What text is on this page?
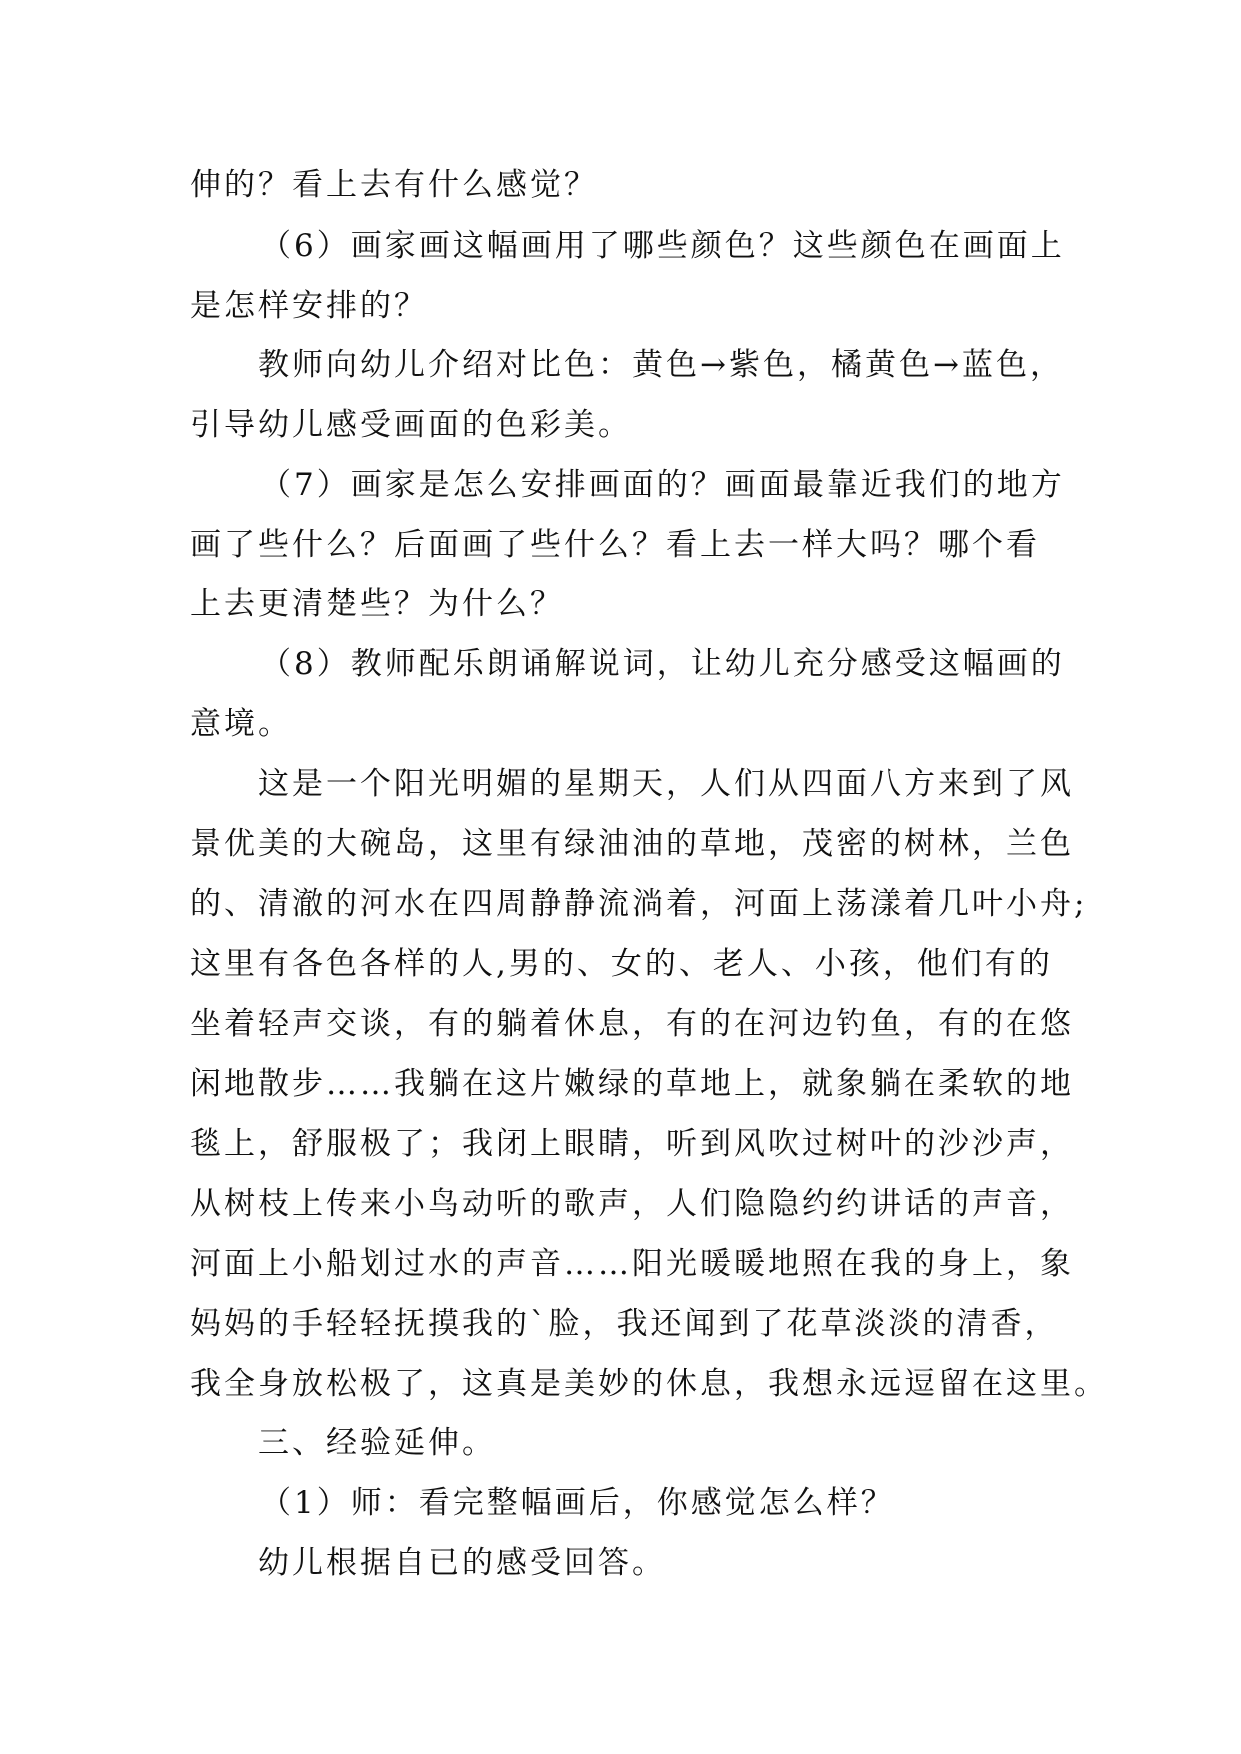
伸的？看上去有什么感觉？
（6）画家画这幅画用了哪些颜色？这些颜色在画面上
是怎样安排的？
教师向幼儿介绍对比色：黄色→紫色，橘黄色→蓝色，
引导幼儿感受画面的色彩美。
（7）画家是怎么安排画面的？画面最靠近我们的地方
画了些什么？后面画了些什么？看上去一样大吗？哪个看
上去更清楚些？为什么？
（8）教师配乐朗诵解说词，让幼儿充分感受这幅画的
意境。
这是一个阳光明媚的星期天，人们从四面八方来到了风
景优美的大碗岛，这里有绿油油的草地，茂密的树林，兰色
的、清澈的河水在四周静静流淌着，河面上荡漾着几叶小舟;
这里有各色各样的人,男的、女的、老人、小孩，他们有的
坐着轻声交谈，有的躺着休息，有的在河边钓鱼，有的在悠
闲地散步……我躺在这片嫩绿的草地上，就象躺在柔软的地
毯上，舒服极了；我闭上眼睛，听到风吹过树叶的沙沙声，
从树枝上传来小鸟动听的歌声，人们隐隐约约讲话的声音，
河面上小船划过水的声音……阳光暖暖地照在我的身上，象
妈妈的手轻轻抚摸我的`脸，我还闻到了花草淡淡的清香，
我全身放松极了，这真是美妙的休息，我想永远逗留在这里。
三、经验延伸。
（1）师：看完整幅画后，你感觉怎么样？
幼儿根据自已的感受回答。
